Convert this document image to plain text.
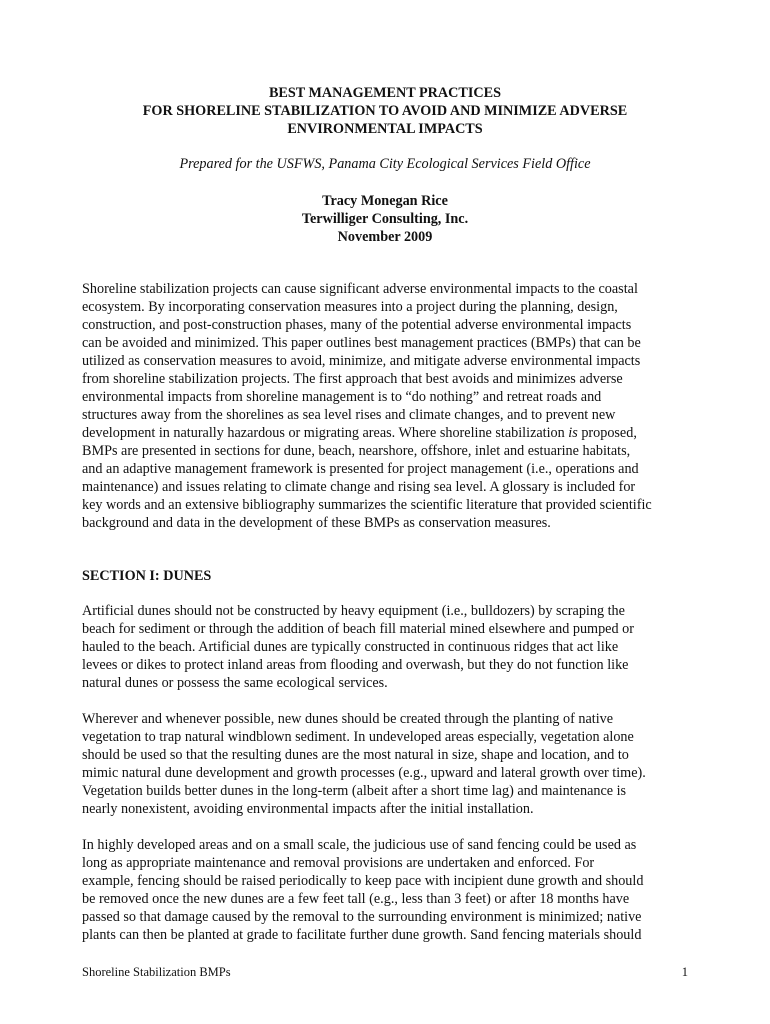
BEST MANAGEMENT PRACTICES
FOR SHORELINE STABILIZATION TO AVOID AND MINIMIZE ADVERSE
ENVIRONMENTAL IMPACTS
Prepared for the USFWS, Panama City Ecological Services Field Office
Tracy Monegan Rice
Terwilliger Consulting, Inc.
November 2009
Shoreline stabilization projects can cause significant adverse environmental impacts to the coastal
ecosystem. By incorporating conservation measures into a project during the planning, design,
construction, and post-construction phases, many of the potential adverse environmental impacts
can be avoided and minimized. This paper outlines best management practices (BMPs) that can be
utilized as conservation measures to avoid, minimize, and mitigate adverse environmental impacts
from shoreline stabilization projects. The first approach that best avoids and minimizes adverse
environmental impacts from shoreline management is to “do nothing” and retreat roads and
structures away from the shorelines as sea level rises and climate changes, and to prevent new
development in naturally hazardous or migrating areas. Where shoreline stabilization is proposed,
BMPs are presented in sections for dune, beach, nearshore, offshore, inlet and estuarine habitats,
and an adaptive management framework is presented for project management (i.e., operations and
maintenance) and issues relating to climate change and rising sea level. A glossary is included for
key words and an extensive bibliography summarizes the scientific literature that provided scientific
background and data in the development of these BMPs as conservation measures.
SECTION I: DUNES
Artificial dunes should not be constructed by heavy equipment (i.e., bulldozers) by scraping the
beach for sediment or through the addition of beach fill material mined elsewhere and pumped or
hauled to the beach. Artificial dunes are typically constructed in continuous ridges that act like
levees or dikes to protect inland areas from flooding and overwash, but they do not function like
natural dunes or possess the same ecological services.
Wherever and whenever possible, new dunes should be created through the planting of native
vegetation to trap natural windblown sediment. In undeveloped areas especially, vegetation alone
should be used so that the resulting dunes are the most natural in size, shape and location, and to
mimic natural dune development and growth processes (e.g., upward and lateral growth over time).
Vegetation builds better dunes in the long-term (albeit after a short time lag) and maintenance is
nearly nonexistent, avoiding environmental impacts after the initial installation.
In highly developed areas and on a small scale, the judicious use of sand fencing could be used as
long as appropriate maintenance and removal provisions are undertaken and enforced. For
example, fencing should be raised periodically to keep pace with incipient dune growth and should
be removed once the new dunes are a few feet tall (e.g., less than 3 feet) or after 18 months have
passed so that damage caused by the removal to the surrounding environment is minimized; native
plants can then be planted at grade to facilitate further dune growth. Sand fencing materials should
Shoreline Stabilization BMPs	1
